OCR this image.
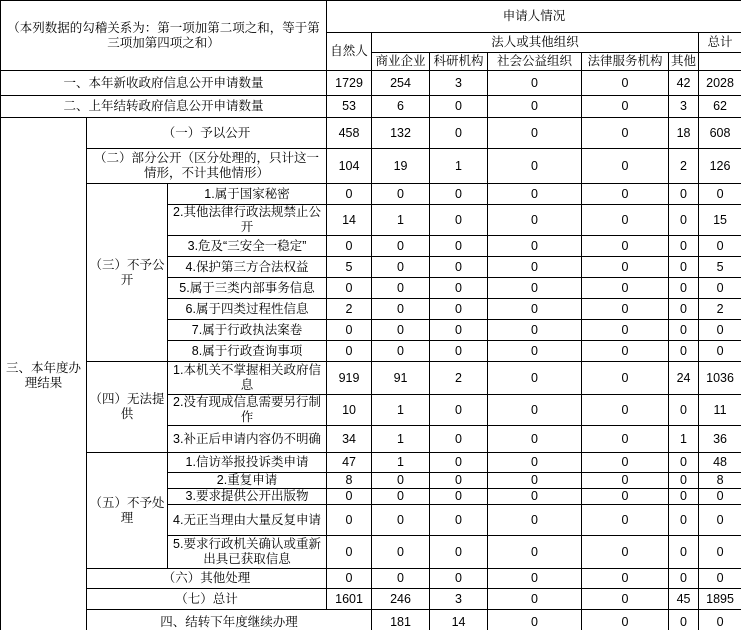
（本列数据的勾稽关系为：第一项加第二项之和，等于第三项加第四项之和）			申请人情况							
			自然人	法人或其他组织					总计	
				商业企业	科研机构	社会公益组织	法律服务机构	其他		
一、本年新收政府信息公开申请数量			1729	254	3	0	0	42	2028	
二、上年结转政府信息公开申请数量			53	6	0	0	0	3	62	
三、本年度办理结果	（一）予以公开		458	132	0	0	0	18	608	
	（二）部分公开（区分处理的，只计这一情形，不计其他情形）		104	19	1	0	0	2	126	
	（三）不予公开	1.属于国家秘密	0	0	0	0	0	0	0	
		2.其他法律行政法规禁止公开	14	1	0	0	0	0	15	
		3.危及“三安全一稳定”	0	0	0	0	0	0	0	
		4.保护第三方合法权益	5	0	0	0	0	0	5	
		5.属于三类内部事务信息	0	0	0	0	0	0	0	
		6.属于四类过程性信息	2	0	0	0	0	0	2	
		7.属于行政执法案卷	0	0	0	0	0	0	0	
		8.属于行政查询事项	0	0	0	0	0	0	0	
	（四）无法提供	1.本机关不掌握相关政府信息	919	91	2	0	0	24	1036	
		2.没有现成信息需要另行制作	10	1	0	0	0	0	11	
		3.补正后申请内容仍不明确	34	1	0	0	0	1	36	
	（五）不予处理	1.信访举报投诉类申请	47	1	0	0	0	0	48	
		2.重复申请	8	0	0	0	0	0	8	
		3.要求提供公开出版物	0	0	0	0	0	0	0	
		4.无正当理由大量反复申请	0	0	0	0	0	0	0	
		5.要求行政机关确认或重新出具已获取信息	0	0	0	0	0	0	0	
	（六）其他处理		0	0	0	0	0	0	0	
	（七）总计		1601	246	3	0	0	45	1895	
	四、结转下年度继续办理			181	14	0	0	0	0	
